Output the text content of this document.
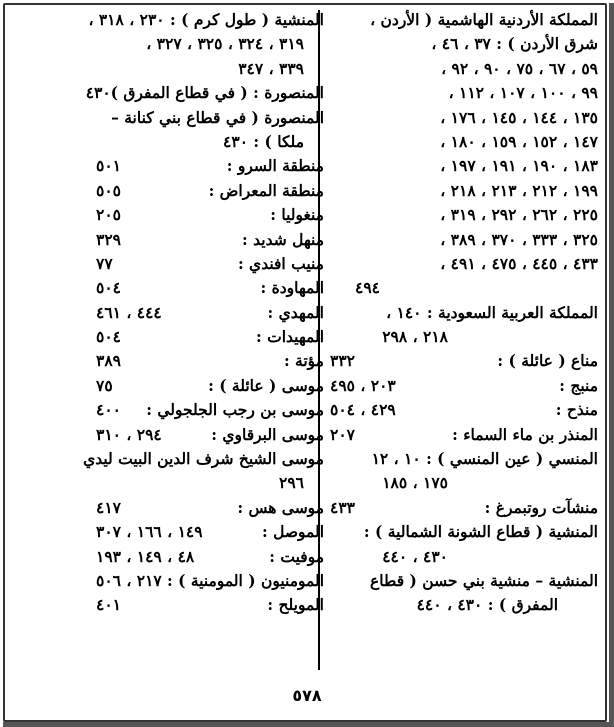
المملكة الأردنية الهاشمية ( الأردن ،
شرق الأردن ) : ٣٧ ، ٤٦ ،
٥٩ ، ٦٧ ، ٧٥ ، ٩٠ ، ٩٢ ،
٩٩ ، ١٠٠ ، ١٠٧ ، ١١٢ ،
١٣٥ ، ١٤٤ ، ١٤٥ ، ١٧٦ ،
١٤٧ ، ١٥٢ ، ١٥٩ ، ١٨٠ ،
١٨٣ ، ١٩٠ ، ١٩١ ، ١٩٧ ،
١٩٩ ، ٢١٢ ، ٢١٣ ، ٢١٨ ،
٢٢٥ ، ٢٦٢ ، ٢٩٢ ، ٣١٩ ،
٣٢٥ ، ٣٣٣ ، ٣٧٠ ، ٣٨٩ ،
٤٣٣ ، ٤٤٥ ، ٤٧٥ ، ٤٩١ ،
٤٩٤
المملكة العربية السعودية : ١٤٠ ،
٢١٨ ، ٢٩٨
مناع ( عائلة ) :
٣٣٢
منبج :
٢٠٣ ، ٤٩٥
منذح :
٤٢٩ ، ٥٠٤
المنذر بن ماء السماء :
٢٠٧
المنسي ( عين المنسي ) : ١٠ ، ١٢
١٧٥ ، ١٨٥
منشآت روتبمرغ :
٤٣٣
المنشية ( قطاع الشونة الشمالية ) :
٤٣٠ ، ٤٤٠
المنشية – منشية بني حسن ( قطاع
المفرق ) : ٤٣٠ ، ٤٤٠
المنشية ( طول كرم ) : ٢٣٠ ، ٣١٨ ،
٣١٩ ، ٣٢٤ ، ٣٢٥ ، ٣٢٧ ،
٣٣٩ ، ٣٤٧
المنصورة : ( في قطاع المفرق )
٤٣٠
المنصورة ( في قطاع بني كنانة –
ملكا ) : ٤٣٠
منطقة السرو :
٥٠١
منطقة المعراض :
٥٠٥
منغوليا :
٢٠٥
منهل شديد :
٣٢٩
منيب افندي :
٧٧
المهاودة :
٥٠٤
المهدي :
٤٤٤ ، ٤٦١
المهيدات :
٥٠٤
مؤتة :
٣٨٩
موسى ( عائلة ) :
٧٥
موسى بن رجب الجلجولي :
٤٠٠
موسى البرقاوي :
٢٩٤ ، ٣١٠
موسى الشيخ شرف الدين البيت ليدي
٢٩٦
موسى هس :
٤١٧
الموصل :
١٤٩ ، ١٦٦ ، ٣٠٧
موفيت :
٤٨ ، ١٤٩ ، ١٩٣
المومنيون ( المومنية ) :
٢١٧ ، ٥٠٦
المويلح :
٤٠١
٥٧٨
